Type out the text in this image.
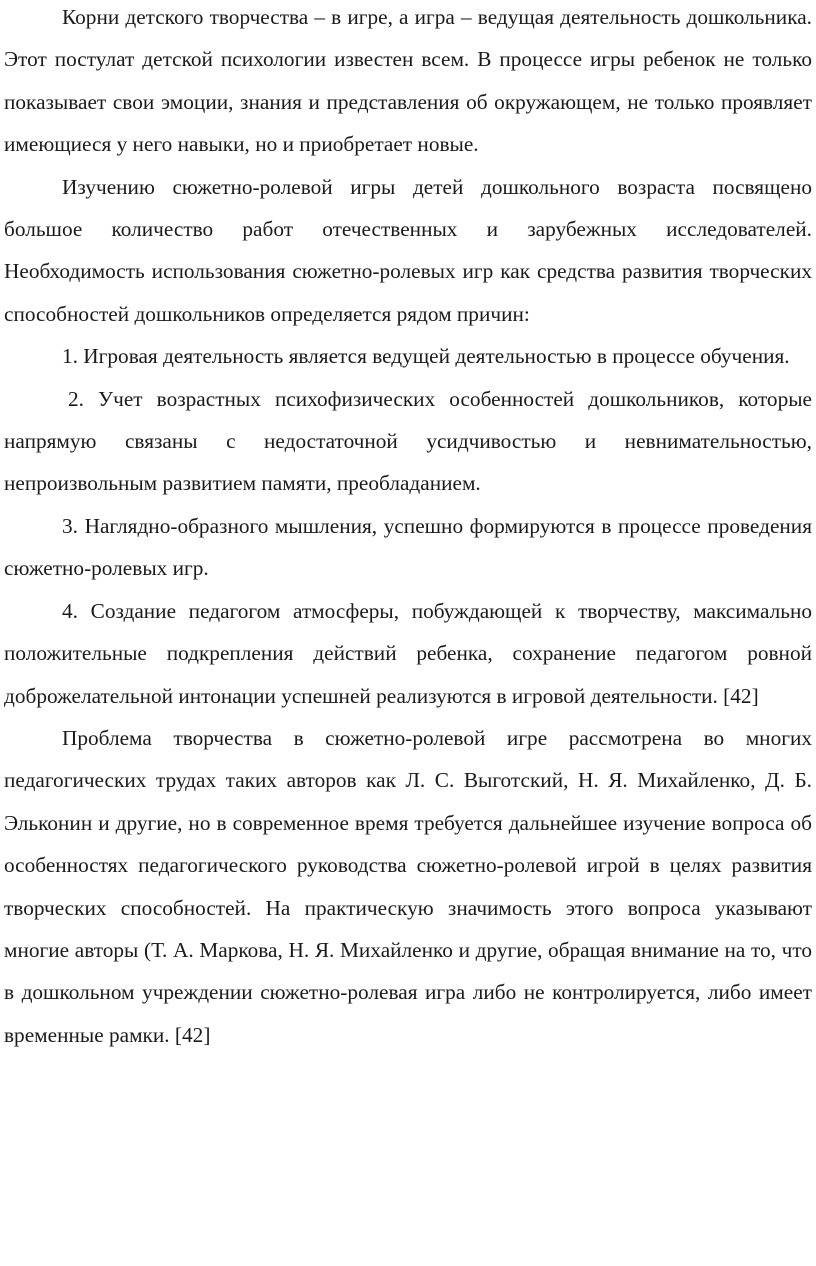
Корни детского творчества – в игре, а игра – ведущая деятельность дошкольника. Этот постулат детской психологии известен всем. В процессе игры ребенок не только показывает свои эмоции, знания и представления об окружающем, не только проявляет имеющиеся у него навыки, но и приобретает новые.

Изучению сюжетно-ролевой игры детей дошкольного возраста посвящено большое количество работ отечественных и зарубежных исследователей. Необходимость использования сюжетно-ролевых игр как средства развития творческих способностей дошкольников определяется рядом причин:

1. Игровая деятельность является ведущей деятельностью в процессе обучения.

2. Учет возрастных психофизических особенностей дошкольников, которые напрямую связаны с недостаточной усидчивостью и невнимательностью, непроизвольным развитием памяти, преобладанием.

3. Наглядно-образного мышления, успешно формируются в процессе проведения сюжетно-ролевых игр.

4. Создание педагогом атмосферы, побуждающей к творчеству, максимально положительные подкрепления действий ребенка, сохранение педагогом ровной доброжелательной интонации успешней реализуются в игровой деятельности. [42]

Проблема творчества в сюжетно-ролевой игре рассмотрена во многих педагогических трудах таких авторов как Л. С. Выготский, Н. Я. Михайленко, Д. Б. Эльконин и другие, но в современное время требуется дальнейшее изучение вопроса об особенностях педагогического руководства сюжетно-ролевой игрой в целях развития творческих способностей. На практическую значимость этого вопроса указывают многие авторы (Т. А. Маркова, Н. Я. Михайленко и другие, обращая внимание на то, что в дошкольном учреждении сюжетно-ролевая игра либо не контролируется, либо имеет временные рамки. [42]
